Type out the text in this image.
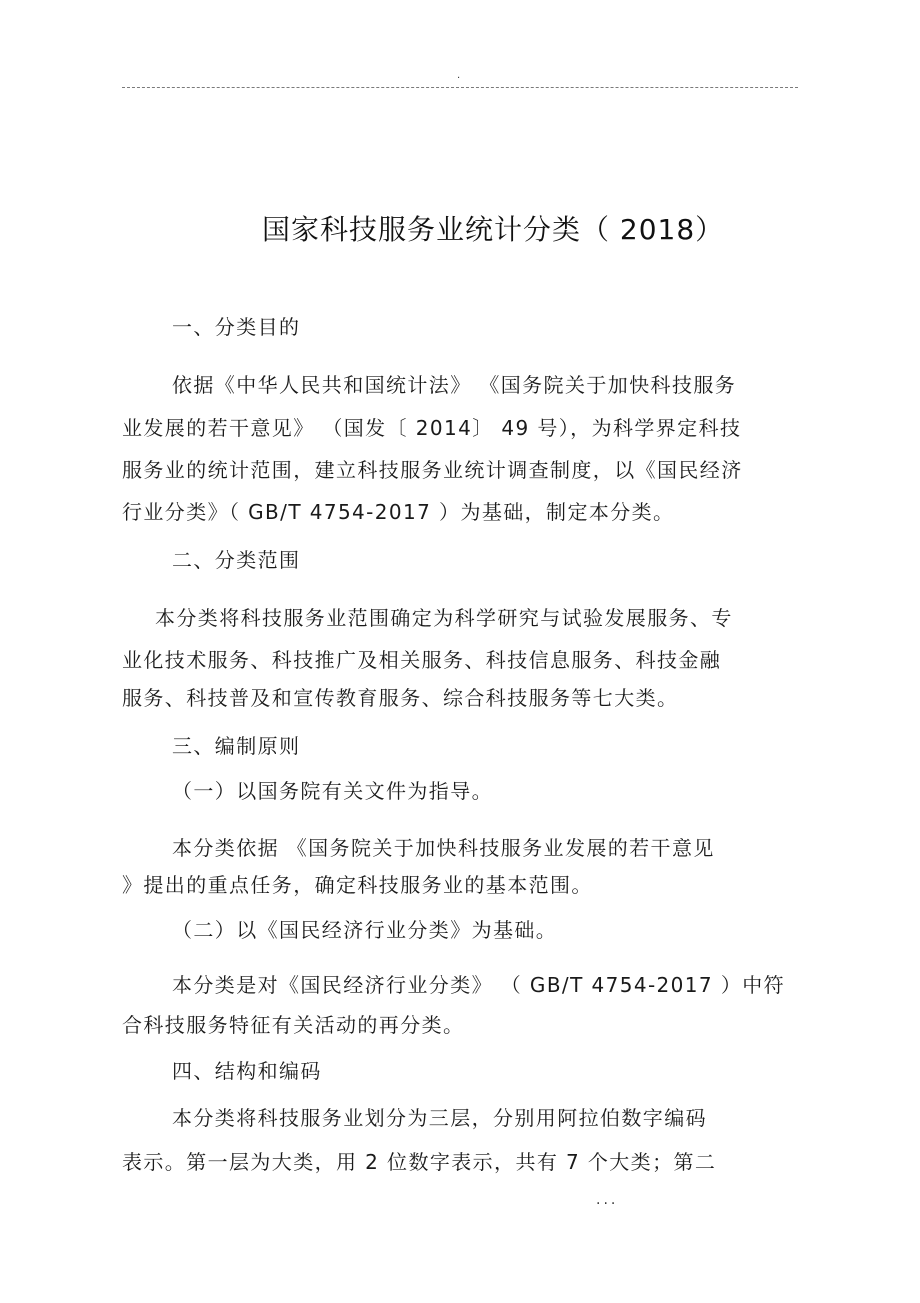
.
国家科技服务业统计分类（ 2018）
一、分类目的
依据《中华人民共和国统计法》 《国务院关于加快科技服务
业发展的若干意见》 （国发〔 2014〕 49 号），为科学界定科技
服务业的统计范围，建立科技服务业统计调查制度，以《国民经济
行业分类》（ GB/T 4754-2017 ）为基础，制定本分类。
二、分类范围
本分类将科技服务业范围确定为科学研究与试验发展服务、专
业化技术服务、科技推广及相关服务、科技信息服务、科技金融
服务、科技普及和宣传教育服务、综合科技服务等七大类。
三、编制原则
（一）以国务院有关文件为指导。
本分类依据 《国务院关于加快科技服务业发展的若干意见
》提出的重点任务，确定科技服务业的基本范围。
（二）以《国民经济行业分类》为基础。
本分类是对《国民经济行业分类》 （ GB/T 4754-2017 ）中符
合科技服务特征有关活动的再分类。
四、结构和编码
本分类将科技服务业划分为三层，分别用阿拉伯数字编码
表示。第一层为大类，用 2 位数字表示，共有 7 个大类；第二
...
